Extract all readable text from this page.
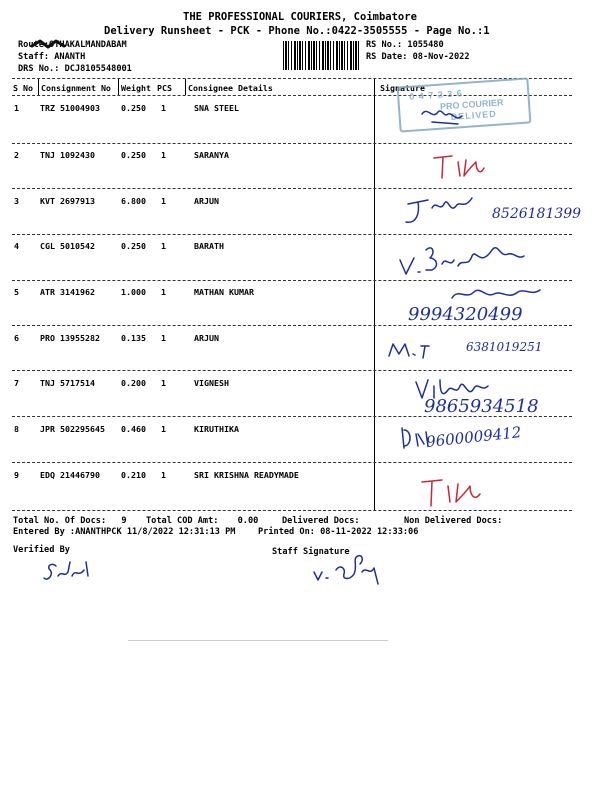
THE PROFESSIONAL COURIERS, Coimbatore
Delivery Runsheet - PCK - Phone No.:0422-3505555 - Page No.:1
Route:OTHAKALMANDABAM
Staff: ANANTH
DRS No.: DCJ8105548001
RS No.: 1055480
RS Date: 08-Nov-2022
S No Consignment No Weight PCS Consignee Details	Signature
1	TRZ 51004903	0.250 1	SNA STEEL
2	TNJ 1092430	0.250 1	SARANYA
3	KVT 2697913	6.800 1	ARJUN
4	CGL 5010542	0.250 1	BARATH
5	ATR 3141962	1.000 1	MATHAN KUMAR
6	PRO 13955282	0.135 1	ARJUN
7	TNJ 5717514	0.200 1	VIGNESH
8	JPR 502295645 0.460 1	KIRUTHIKA
9	EDQ 21446790	0.210 1	SRI KRISHNA READYMADE
0 4 7 2 3 6
PRO COURIER
DELIVED
8526181399
9994320499
6381019251
9865934518
9600009412
Total No. Of Docs: 9 Total COD Amt: 0.00	Delivered Docs:	Non Delivered Docs:
Entered By :ANANTHPCK 11/8/2022 12:31:13 PM	Printed On: 08-11-2022 12:33:06
Verified By	Staff Signature
